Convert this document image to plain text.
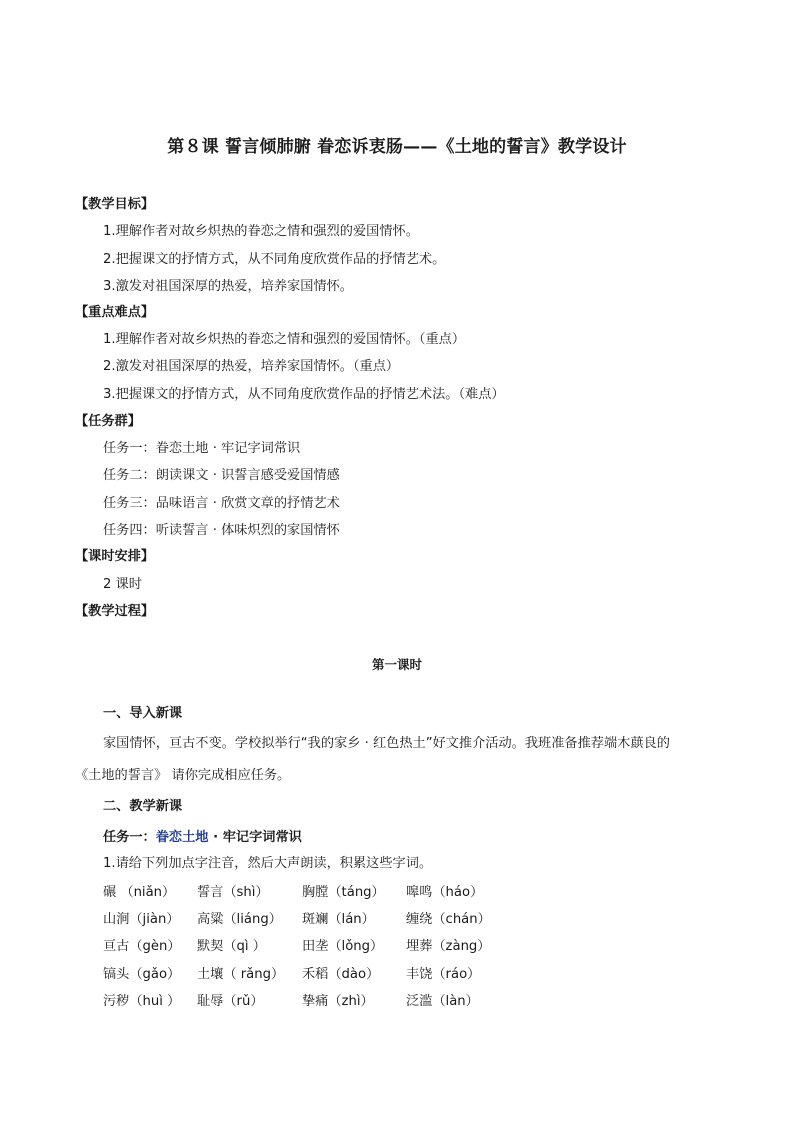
第８课 誓言倾肺腑 眷恋诉衷肠——《土地的誓言》教学设计
【教学目标】
1.理解作者对故乡炽热的眷恋之情和强烈的爱国情怀。
2.把握课文的抒情方式，从不同角度欣赏作品的抒情艺术。
3.激发对祖国深厚的热爱，培养家国情怀。
【重点难点】
1.理解作者对故乡炽热的眷恋之情和强烈的爱国情怀。（重点）
2.激发对祖国深厚的热爱，培养家国情怀。（重点）
3.把握课文的抒情方式，从不同角度欣赏作品的抒情艺术法。（难点）
【任务群】
任务一：眷恋土地 · 牢记字词常识
任务二：朗读课文 · 识誓言感受爱国情感
任务三：品味语言 · 欣赏文章的抒情艺术
任务四：听读誓言 · 体味炽烈的家国情怀
【课时安排】
2 课时
【教学过程】
第一课时
一、导入新课
家国情怀，亘古不变。学校拟举行“我的家乡 · 红色热土”好文推介活动。我班准备推荐端木蕻良的
《土地的誓言》 请你完成相应任务。
二、教学新课
任务一：眷恋土地 · 牢记字词常识
1.请给下列加点字注音，然后大声朗读，积累这些字词。
碾 （niǎn） 誓言（shì）	胸膛（táng） 嗥鸣（háo）
山涧（jiàn） 高粱（liáng） 斑斓（lán） 缠绕（chán）
亘古（gèn） 默契（qì ）	田垄（lǒng） 埋葬（zàng）
镐头（gǎo） 土壤（ rǎng） 禾稻（dào） 丰饶（ráo）
污秽（huì ） 耻辱（rǔ）	挚痛（zhì） 泛滥（làn）
